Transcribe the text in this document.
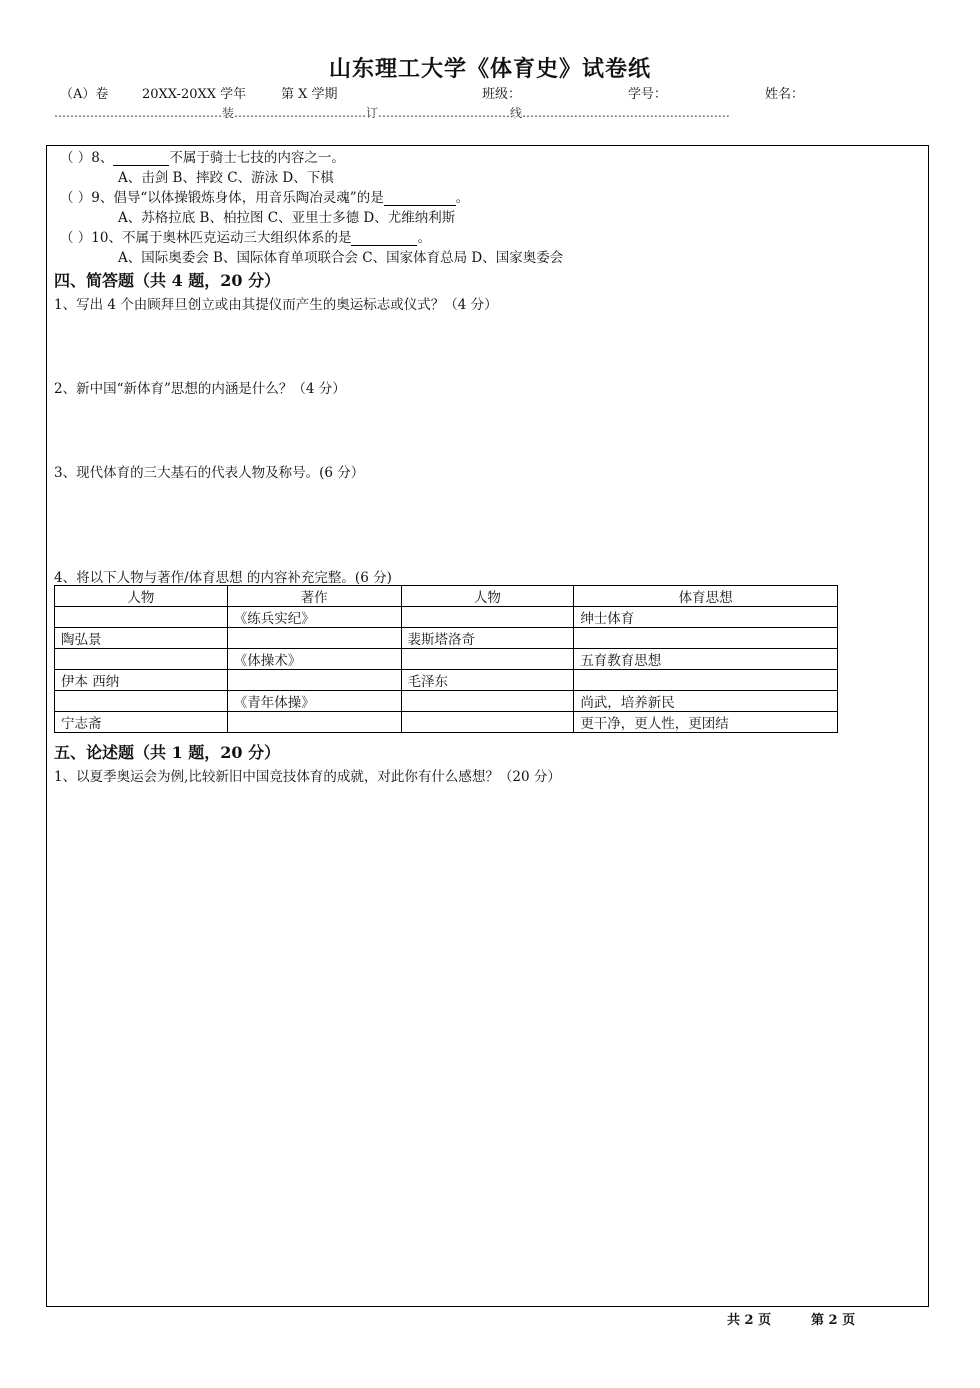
山东理工大学《体育史》试卷纸
（A）卷	20XX-20XX 学年	第 X 学期	班级：	学号：	姓名：
……………………………………装……………………………订……………………………线………….…………………………………
（ ）8、	不属于骑士七技的内容之一。
A、击剑 B、摔跤 C、游泳 D、下棋
（ ）9、倡导“以体操锻炼身体，用音乐陶冶灵魂”的是	。
A、苏格拉底 B、柏拉图 C、亚里士多德 D、尤维纳利斯
（ ）10、不属于奥林匹克运动三大组织体系的是	。
A、国际奥委会 B、国际体育单项联合会 C、国家体育总局 D、国家奥委会
四、简答题（共 4 题，20 分）
1、写出 4 个由顾拜旦创立或由其提仪而产生的奥运标志或仪式？（4 分）
2、新中国“新体育”思想的内涵是什么？（4 分）
3、现代体育的三大基石的代表人物及称号。(6 分）
4、将以下人物与著作/体育思想 的内容补充完整。(6 分)
人物	著作	人物	体育思想
	《练兵实纪》		绅士体育
陶弘景		裴斯塔洛奇	
	《体操术》		五育教育思想
伊本 西纳		毛泽东	
	《青年体操》		尚武，培养新民
宁志斋			更干净，更人性，更团结
五、论述题（共 1 题，20 分）
1、以夏季奥运会为例,比较新旧中国竞技体育的成就，对此你有什么感想？（20 分）
共 2 页	第 2 页
